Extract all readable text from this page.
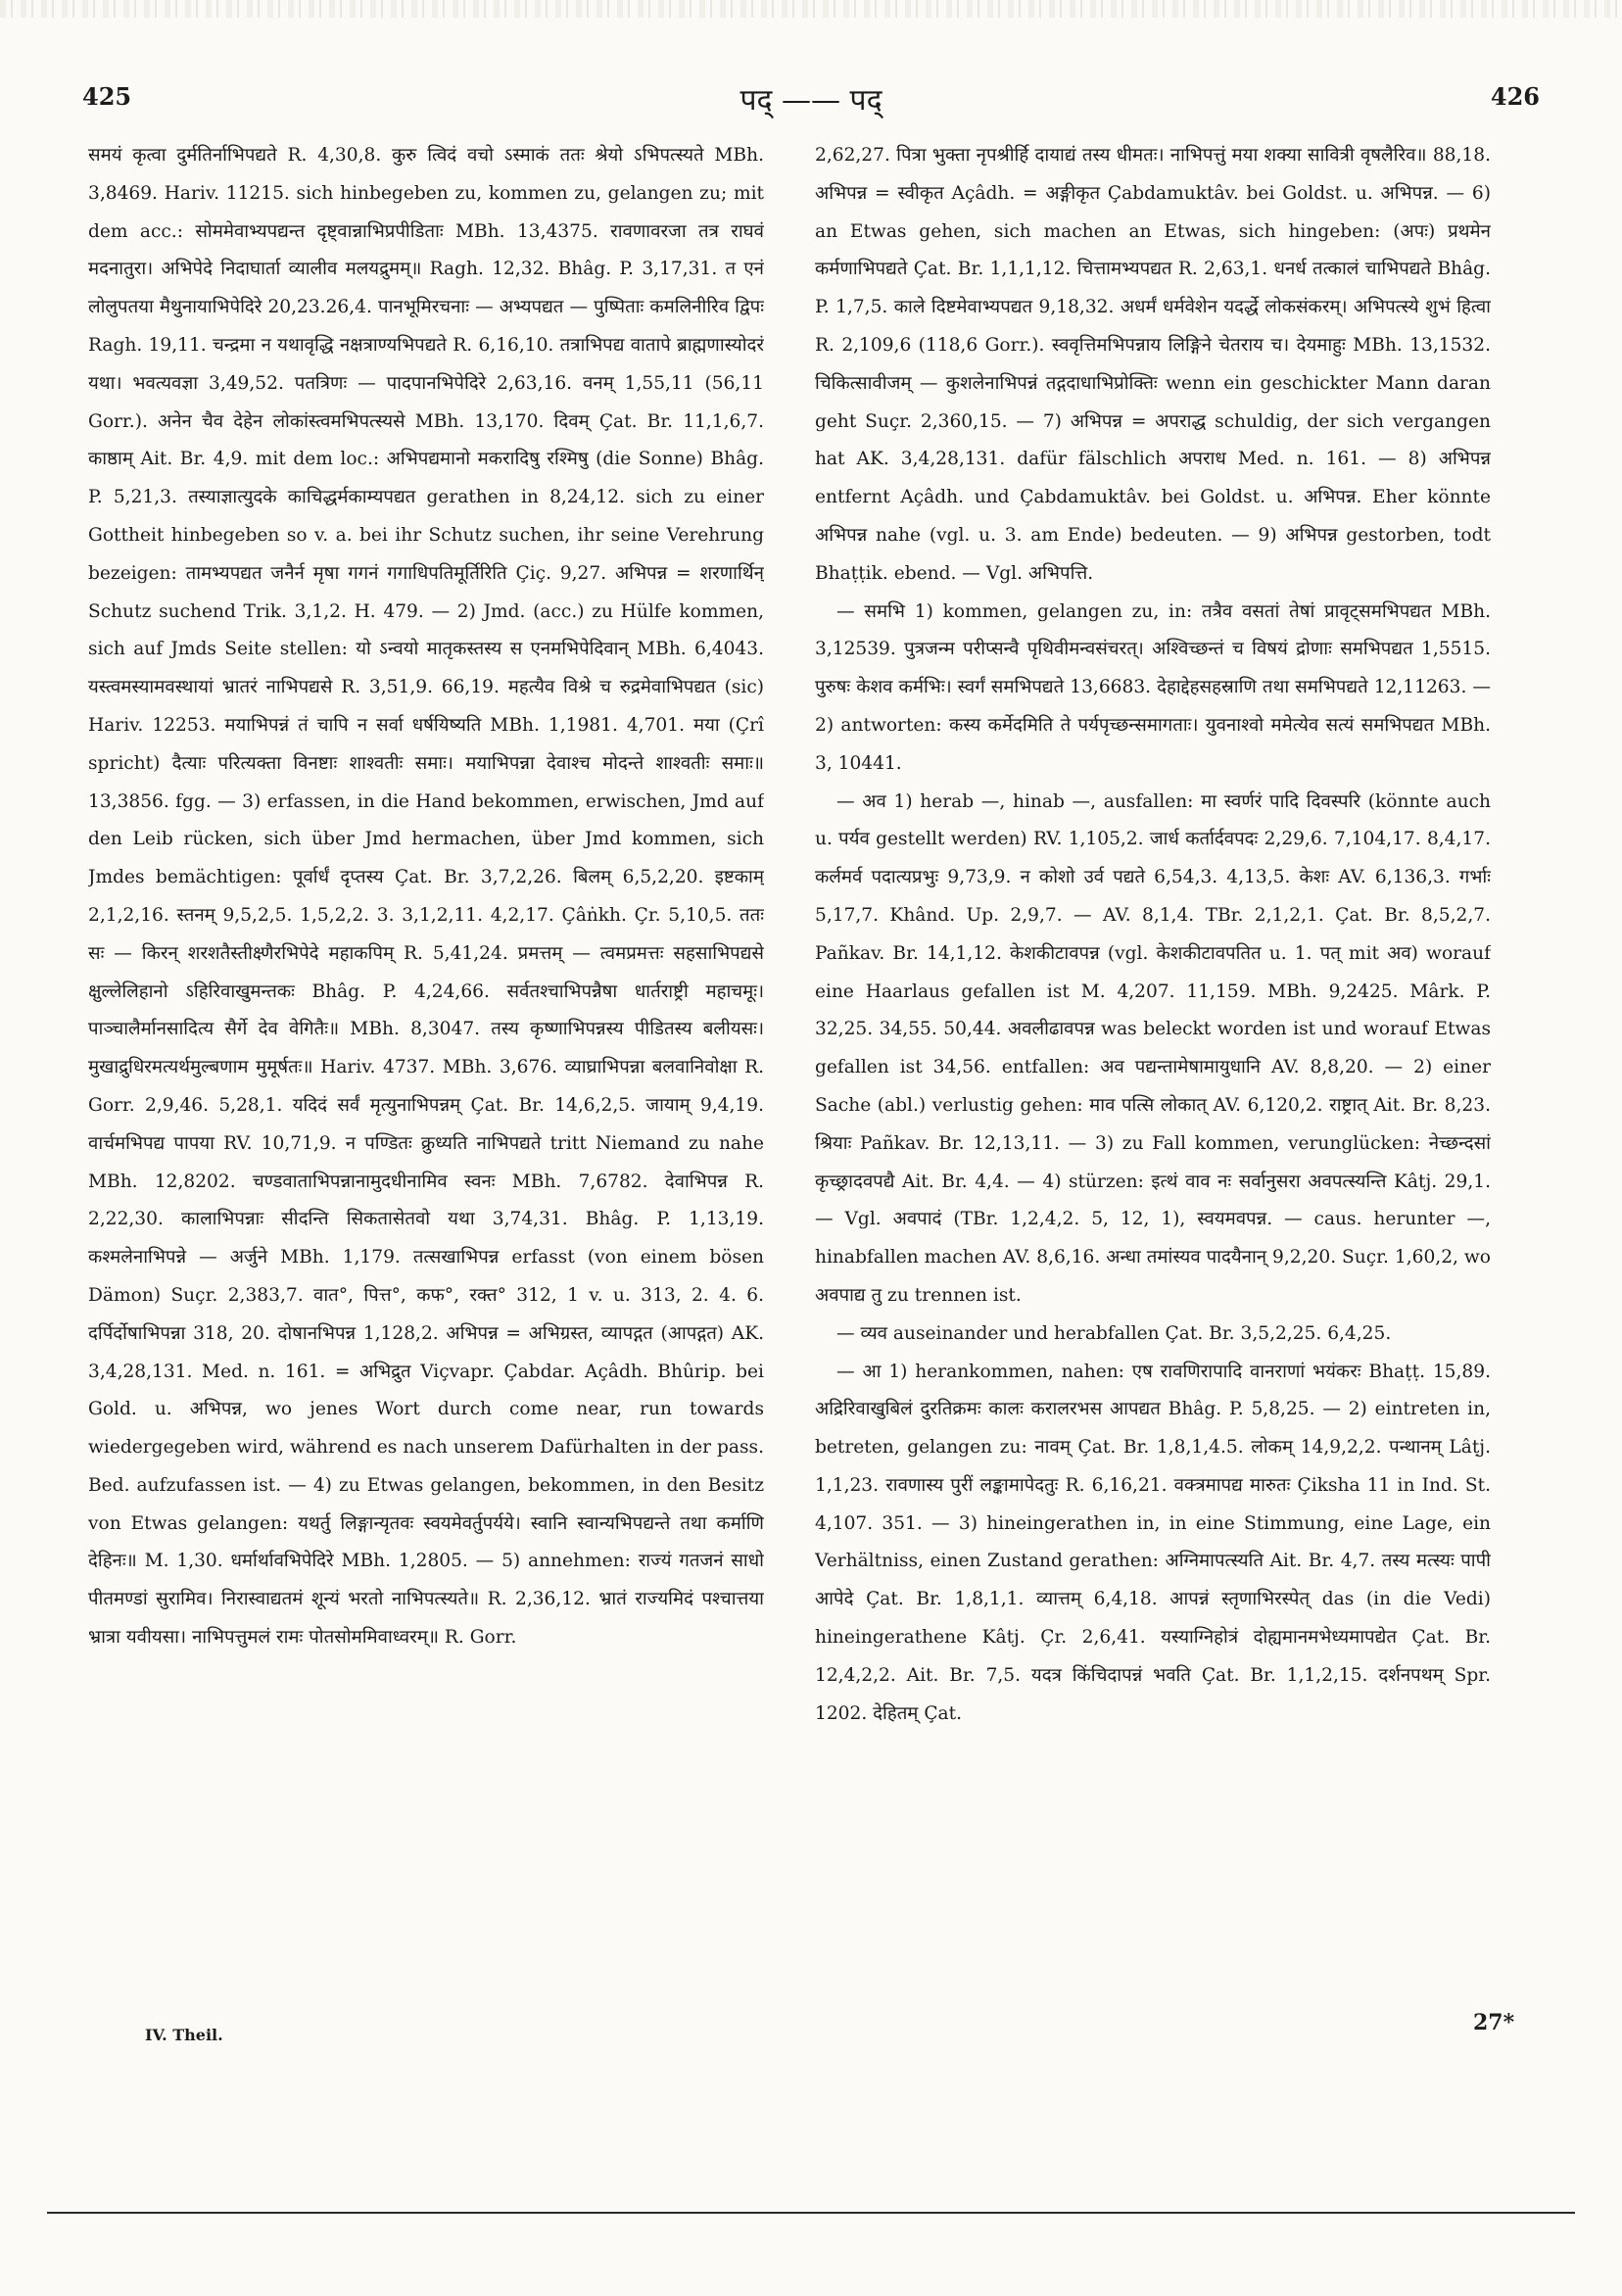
425	पद् —— पद्	426

समयं कृत्वा दुर्मतिर्नाभिपद्यते R. 4,30,8. कुरु त्विदं वचो ऽस्माकं ततः श्रेयो ऽभिपत्स्यते MBh. 3,8469. Hariv. 11215. sich hinbegeben zu, kommen zu, gelangen zu; mit dem acc.: सोममेवाभ्यपद्यन्त दृष्ट्वान्नाभिप्रपीडिताः MBh. 13,4375. रावणावरजा तत्र राघवं मदनातुरा। अभिपेदे निदाघार्ता व्यालीव मलयद्रुमम्॥ Ragh. 12,32. Bhâg. P. 3,17,31. त एनं लोलुपतया मैथुनायाभिपेदिरे 20,23.26,4. पानभूमिरचनाः — अभ्यपद्यत — पुष्पिताः कमलिनीरिव द्विपः Ragh. 19,11. चन्द्रमा न यथावृद्धि नक्षत्राण्यभिपद्यते R. 6,16,10. तत्राभिपद्य वातापे ब्राह्मणास्योदरं यथा। भवत्यवज्ञा 3,49,52. पतत्रिणः — पादपानभिपेदिरे 2,63,16. वनम् 1,55,11 (56,11 Gorr.). अनेन चैव देहेन लोकांस्त्वमभिपत्स्यसे MBh. 13,170. दिवम् Çat. Br. 11,1,6,7. काष्ठाम् Ait. Br. 4,9. mit dem loc.: अभिपद्यमानो मकरादिषु रश्मिषु (die Sonne) Bhâg. P. 5,21,3. तस्याज्ञात्युदके काचिद्धर्मकाम्यपद्यत gerathen in 8,24,12. sich zu einer Gottheit hinbegeben so v. a. bei ihr Schutz suchen, ihr seine Verehrung bezeigen: तामभ्यपद्यत जनैर्न मृषा गगनं गगाधिपतिमूर्तिरिति Çiç. 9,27. अभिपन्न = शरणार्थिन् Schutz suchend Trik. 3,1,2. H. 479. — 2) Jmd. (acc.) zu Hülfe kommen, sich auf Jmds Seite stellen: यो ऽन्वयो मातृकस्तस्य स एनमभिपेदिवान् MBh. 6,4043. यस्त्वमस्यामवस्थायां भ्रातरं नाभिपद्यसे R. 3,51,9. 66,19. महत्यैव विश्रे च रुद्रमेवाभिपद्यत (sic) Hariv. 12253. मयाभिपन्नं तं चापि न सर्वा धर्षयिष्यति MBh. 1,1981. 4,701. मया (Çrî spricht) दैत्याः परित्यक्ता विनष्टाः शाश्वतीः समाः। मयाभिपन्ना देवाश्च मोदन्ते शाश्वतीः समाः॥ 13,3856. fgg. — 3) erfassen, in die Hand bekommen, erwischen, Jmd auf den Leib rücken, sich über Jmd hermachen, über Jmd kommen, sich Jmdes bemächtigen: पूर्वार्धं दृप्तस्य Çat. Br. 3,7,2,26. बिलम् 6,5,2,20. इष्टकाम् 2,1,2,16. स्तनम् 9,5,2,5. 1,5,2,2. 3. 3,1,2,11. 4,2,17. Çâṅkh. Çr. 5,10,5. ततः सः — किरन् शरशतैस्तीक्ष्णैरभिपेदे महाकपिम् R. 5,41,24. प्रमत्तम् — त्वमप्रमत्तः सहसाभिपद्यसे क्षुल्लेलिहानो ऽहिरिवाखुमन्तकः Bhâg. P. 4,24,66. सर्वतश्चाभिपन्नैषा धार्तराष्ट्री महाचमूः। पाञ्चालैर्मानसादित्य सैर्गे देव वेगितैः॥ MBh. 8,3047. तस्य कृष्णाभिपन्नस्य पीडितस्य बलीयसः। मुखाद्रुधिरमत्यर्थमुल्बणाम मुमूर्षतः॥ Hariv. 4737. MBh. 3,676. व्याघ्राभिपन्ना बलवानिवोक्षा R. Gorr. 2,9,46. 5,28,1. यदिदं सर्वं मृत्युनाभिपन्नम् Çat. Br. 14,6,2,5. जायाम् 9,4,19. वार्चमभिपद्य पापया RV. 10,71,9. न पण्डितः क्रुध्यति नाभिपद्यते tritt Niemand zu nahe MBh. 12,8202. चण्डवाताभिपन्नानामुदधीनामिव स्वनः MBh. 7,6782. देवाभिपन्न R. 2,22,30. कालाभिपन्नाः सीदन्ति सिकतासेतवो यथा 3,74,31. Bhâg. P. 1,13,19. कश्मलेनाभिपन्ने — अर्जुने MBh. 1,179. तत्सखाभिपन्न erfasst (von einem bösen Dämon) Suçr. 2,383,7. वात°, पित्त°, कफ°, रक्त° 312, 1 v. u. 313, 2. 4. 6. दर्पिर्दोषाभिपन्ना 318, 20. दोषानभिपन्न 1,128,2. अभिपन्न = अभिग्रस्त, व्यापद्गत (आपद्गत) AK. 3,4,28,131. Med. n. 161. = अभिद्रुत Viçvapr. Çabdar. Açâdh. Bhûrip. bei Gold. u. अभिपन्न, wo jenes Wort durch come near, run towards wiedergegeben wird, während es nach unserem Dafürhalten in der pass. Bed. aufzufassen ist. — 4) zu Etwas gelangen, bekommen, in den Besitz von Etwas gelangen: यथर्तु लिङ्गान्यृतवः स्वयमेवर्तुपर्यये। स्वानि स्वान्यभिपद्यन्ते तथा कर्माणि देहिनः॥ M. 1,30. धर्मार्थावभिपेदिरे MBh. 1,2805. — 5) annehmen: राज्यं गतजनं साधो पीतमण्डां सुरामिव। निरास्वाद्यतमं शून्यं भरतो नाभिपत्स्यते॥ R. 2,36,12. भ्रातं राज्यमिदं पश्चात्तया भ्रात्रा यवीयसा। नाभिपत्तुमलं रामः पोतसोममिवाध्वरम्॥ R. Gorr.

2,62,27. पित्रा भुक्ता नृपश्रीर्हि दायाद्यं तस्य धीमतः। नाभिपत्तुं मया शक्या सावित्री वृषलैरिव॥ 88,18. अभिपन्न = स्वीकृत Açâdh. = अङ्गीकृत Çabdamuktâv. bei Goldst. u. अभिपन्न. — 6) an Etwas gehen, sich machen an Etwas, sich hingeben: (अपः) प्रथमेन कर्मणाभिपद्यते Çat. Br. 1,1,1,12. चित्तामभ्यपद्यत R. 2,63,1. धनर्ध तत्कालं चाभिपद्यते Bhâg. P. 1,7,5. काले दिष्टमेवाभ्यपद्यत 9,18,32. अधर्मं धर्मवेशेन यदर्द्धे लोकसंकरम्। अभिपत्स्ये शुभं हित्वा R. 2,109,6 (118,6 Gorr.). स्ववृत्तिमभिपन्नाय लिङ्गिने चेतराय च। देयमाहुः MBh. 13,1532. चिकित्सावीजम् — कुशलेनाभिपन्नं तद्गदाधाभिप्रोक्तिः wenn ein geschickter Mann daran geht Suçr. 2,360,15. — 7) अभिपन्न = अपराद्ध schuldig, der sich vergangen hat AK. 3,4,28,131. dafür fälschlich अपराध Med. n. 161. — 8) अभिपन्न entfernt Açâdh. und Çabdamuktâv. bei Goldst. u. अभिपन्न. Eher könnte अभिपन्न nahe (vgl. u. 3. am Ende) bedeuten. — 9) अभिपन्न gestorben, todt Bhaṭṭik. ebend. — Vgl. अभिपत्ति.

— समभि 1) kommen, gelangen zu, in: तत्रैव वसतां तेषां प्रावृट्समभिपद्यत MBh. 3,12539. पुत्रजन्म परीप्सन्वै पृथिवीमन्वसंचरत्। अश्विच्छन्तं च विषयं द्रोणाः समभिपद्यत 1,5515. पुरुषः केशव कर्मभिः। स्वर्गं समभिपद्यते 13,6683. देहाद्देहसहस्राणि तथा समभिपद्यते 12,11263. — 2) antworten: कस्य कर्मेदमिति ते पर्यपृच्छन्समागताः। युवनाश्वो ममेत्येव सत्यं समभिपद्यत MBh. 3, 10441.

— अव 1) herab —, hinab —, ausfallen: मा स्वर्णरं पादि दिवस्परि (könnte auch u. पर्यव gestellt werden) RV. 1,105,2. जार्ध कर्तार्दवपदः 2,29,6. 7,104,17. 8,4,17. कर्लमर्व पदात्यप्रभुः 9,73,9. न कोशो उर्व पद्यते 6,54,3. 4,13,5. केशः AV. 6,136,3. गर्भाः 5,17,7. Khând. Up. 2,9,7. — AV. 8,1,4. TBr. 2,1,2,1. Çat. Br. 8,5,2,7. Pañkav. Br. 14,1,12. केशकीटावपन्न (vgl. केशकीटावपतित u. 1. पत् mit अव) worauf eine Haarlaus gefallen ist M. 4,207. 11,159. MBh. 9,2425. Mârk. P. 32,25. 34,55. 50,44. अवलीढावपन्न was beleckt worden ist und worauf Etwas gefallen ist 34,56. entfallen: अव पद्यन्तामेषामायुधानि AV. 8,8,20. — 2) einer Sache (abl.) verlustig gehen: माव पत्सि लोकात् AV. 6,120,2. राष्ट्रात् Ait. Br. 8,23. श्रियाः Pañkav. Br. 12,13,11. — 3) zu Fall kommen, verunglücken: नेच्छन्दसां कृच्छ्रादवपद्यै Ait. Br. 4,4. — 4) stürzen: इत्थं वाव नः सर्वानुसरा अवपत्स्यन्ति Kâtj. 29,1. — Vgl. अवपादं (TBr. 1,2,4,2. 5, 12, 1), स्वयमवपन्न. — caus. herunter —, hinabfallen machen AV. 8,6,16. अन्धा तमांस्यव पादयैनान् 9,2,20. Suçr. 1,60,2, wo अवपाद्य तु zu trennen ist.

— व्यव auseinander und herabfallen Çat. Br. 3,5,2,25. 6,4,25.

— आ 1) herankommen, nahen: एष रावणिरापादि वानराणां भयंकरः Bhaṭṭ. 15,89. अद्रिरिवाखुबिलं दुरतिक्रमः कालः करालरभस आपद्यत Bhâg. P. 5,8,25. — 2) eintreten in, betreten, gelangen zu: नावम् Çat. Br. 1,8,1,4.5. लोकम् 14,9,2,2. पन्थानम् Lâṭj. 1,1,23. रावणास्य पुरीं लङ्कामापेदतुः R. 6,16,21. वक्त्रमापद्य मारुतः Çiksha 11 in Ind. St. 4,107. 351. — 3) hineingerathen in, in eine Stimmung, eine Lage, ein Verhältniss, einen Zustand gerathen: अग्निमापत्स्यति Ait. Br. 4,7. तस्य मत्स्यः पापी आपेदे Çat. Br. 1,8,1,1. व्यात्तम् 6,4,18. आपन्नं स्तृणाभिरस्पेत् das (in die Vedi) hineingerathene Kâtj. Çr. 2,6,41. यस्याग्निहोत्रं दोह्यमानमभेध्यमापद्येत Çat. Br. 12,4,2,2. Ait. Br. 7,5. यदत्र किंचिदापन्नं भवति Çat. Br. 1,1,2,15. दर्शनपथम् Spr. 1202. देहितम् Çat.

IV. Theil.	27*
